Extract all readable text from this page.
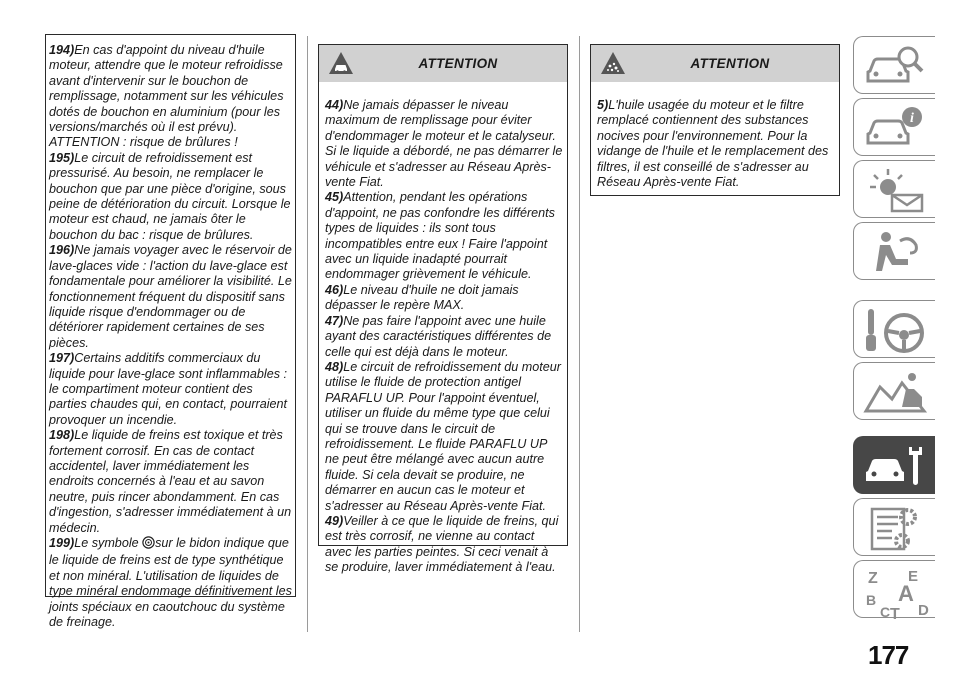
194)En cas d'appoint du niveau d'huile moteur, attendre que le moteur refroidisse avant d'intervenir sur le bouchon de remplissage, notamment sur les véhicules dotés de bouchon en aluminium (pour les versions/marchés où il est prévu). ATTENTION : risque de brûlures !

195)Le circuit de refroidissement est pressurisé. Au besoin, ne remplacer le bouchon que par une pièce d'origine, sous peine de détérioration du circuit. Lorsque le moteur est chaud, ne jamais ôter le bouchon du bac : risque de brûlures.

196)Ne jamais voyager avec le réservoir de lave-glaces vide : l'action du lave-glace est fondamentale pour améliorer la visibilité. Le fonctionnement fréquent du dispositif sans liquide risque d'endommager ou de détériorer rapidement certaines de ses pièces.

197)Certains additifs commerciaux du liquide pour lave-glace sont inflammables : le compartiment moteur contient des parties chaudes qui, en contact, pourraient provoquer un incendie.

198)Le liquide de freins est toxique et très fortement corrosif. En cas de contact accidentel, laver immédiatement les endroits concernés à l'eau et au savon neutre, puis rincer abondamment. En cas d'ingestion, s'adresser immédiatement à un médecin.

199)Le symbole sur le bidon indique que le liquide de freins est de type synthétique et non minéral. L'utilisation de liquides de type minéral endommage définitivement les joints spéciaux en caoutchouc du système de freinage.

ATTENTION

44)Ne jamais dépasser le niveau maximum de remplissage pour éviter d'endommager le moteur et le catalyseur. Si le liquide a débordé, ne pas démarrer le véhicule et s'adresser au Réseau Après-vente Fiat.

45)Attention, pendant les opérations d'appoint, ne pas confondre les différents types de liquides : ils sont tous incompatibles entre eux ! Faire l'appoint avec un liquide inadapté pourrait endommager grièvement le véhicule.

46)Le niveau d'huile ne doit jamais dépasser le repère MAX.

47)Ne pas faire l'appoint avec une huile ayant des caractéristiques différentes de celle qui est déjà dans le moteur.

48)Le circuit de refroidissement du moteur utilise le fluide de protection antigel PARAFLU UP. Pour l'appoint éventuel, utiliser un fluide du même type que celui qui se trouve dans le circuit de refroidissement. Le fluide PARAFLU UP ne peut être mélangé avec aucun autre fluide. Si cela devait se produire, ne démarrer en aucun cas le moteur et s'adresser au Réseau Après-vente Fiat.

49)Veiller à ce que le liquide de freins, qui est très corrosif, ne vienne au contact avec les parties peintes. Si ceci venait à se produire, laver immédiatement à l'eau.

ATTENTION

5)L'huile usagée du moteur et le filtre remplacé contiennent des substances nocives pour l'environnement. Pour la vidange de l'huile et le remplacement des filtres, il est conseillé de s'adresser au Réseau Après-vente Fiat.

i
Z E
A
B
C T D
177
